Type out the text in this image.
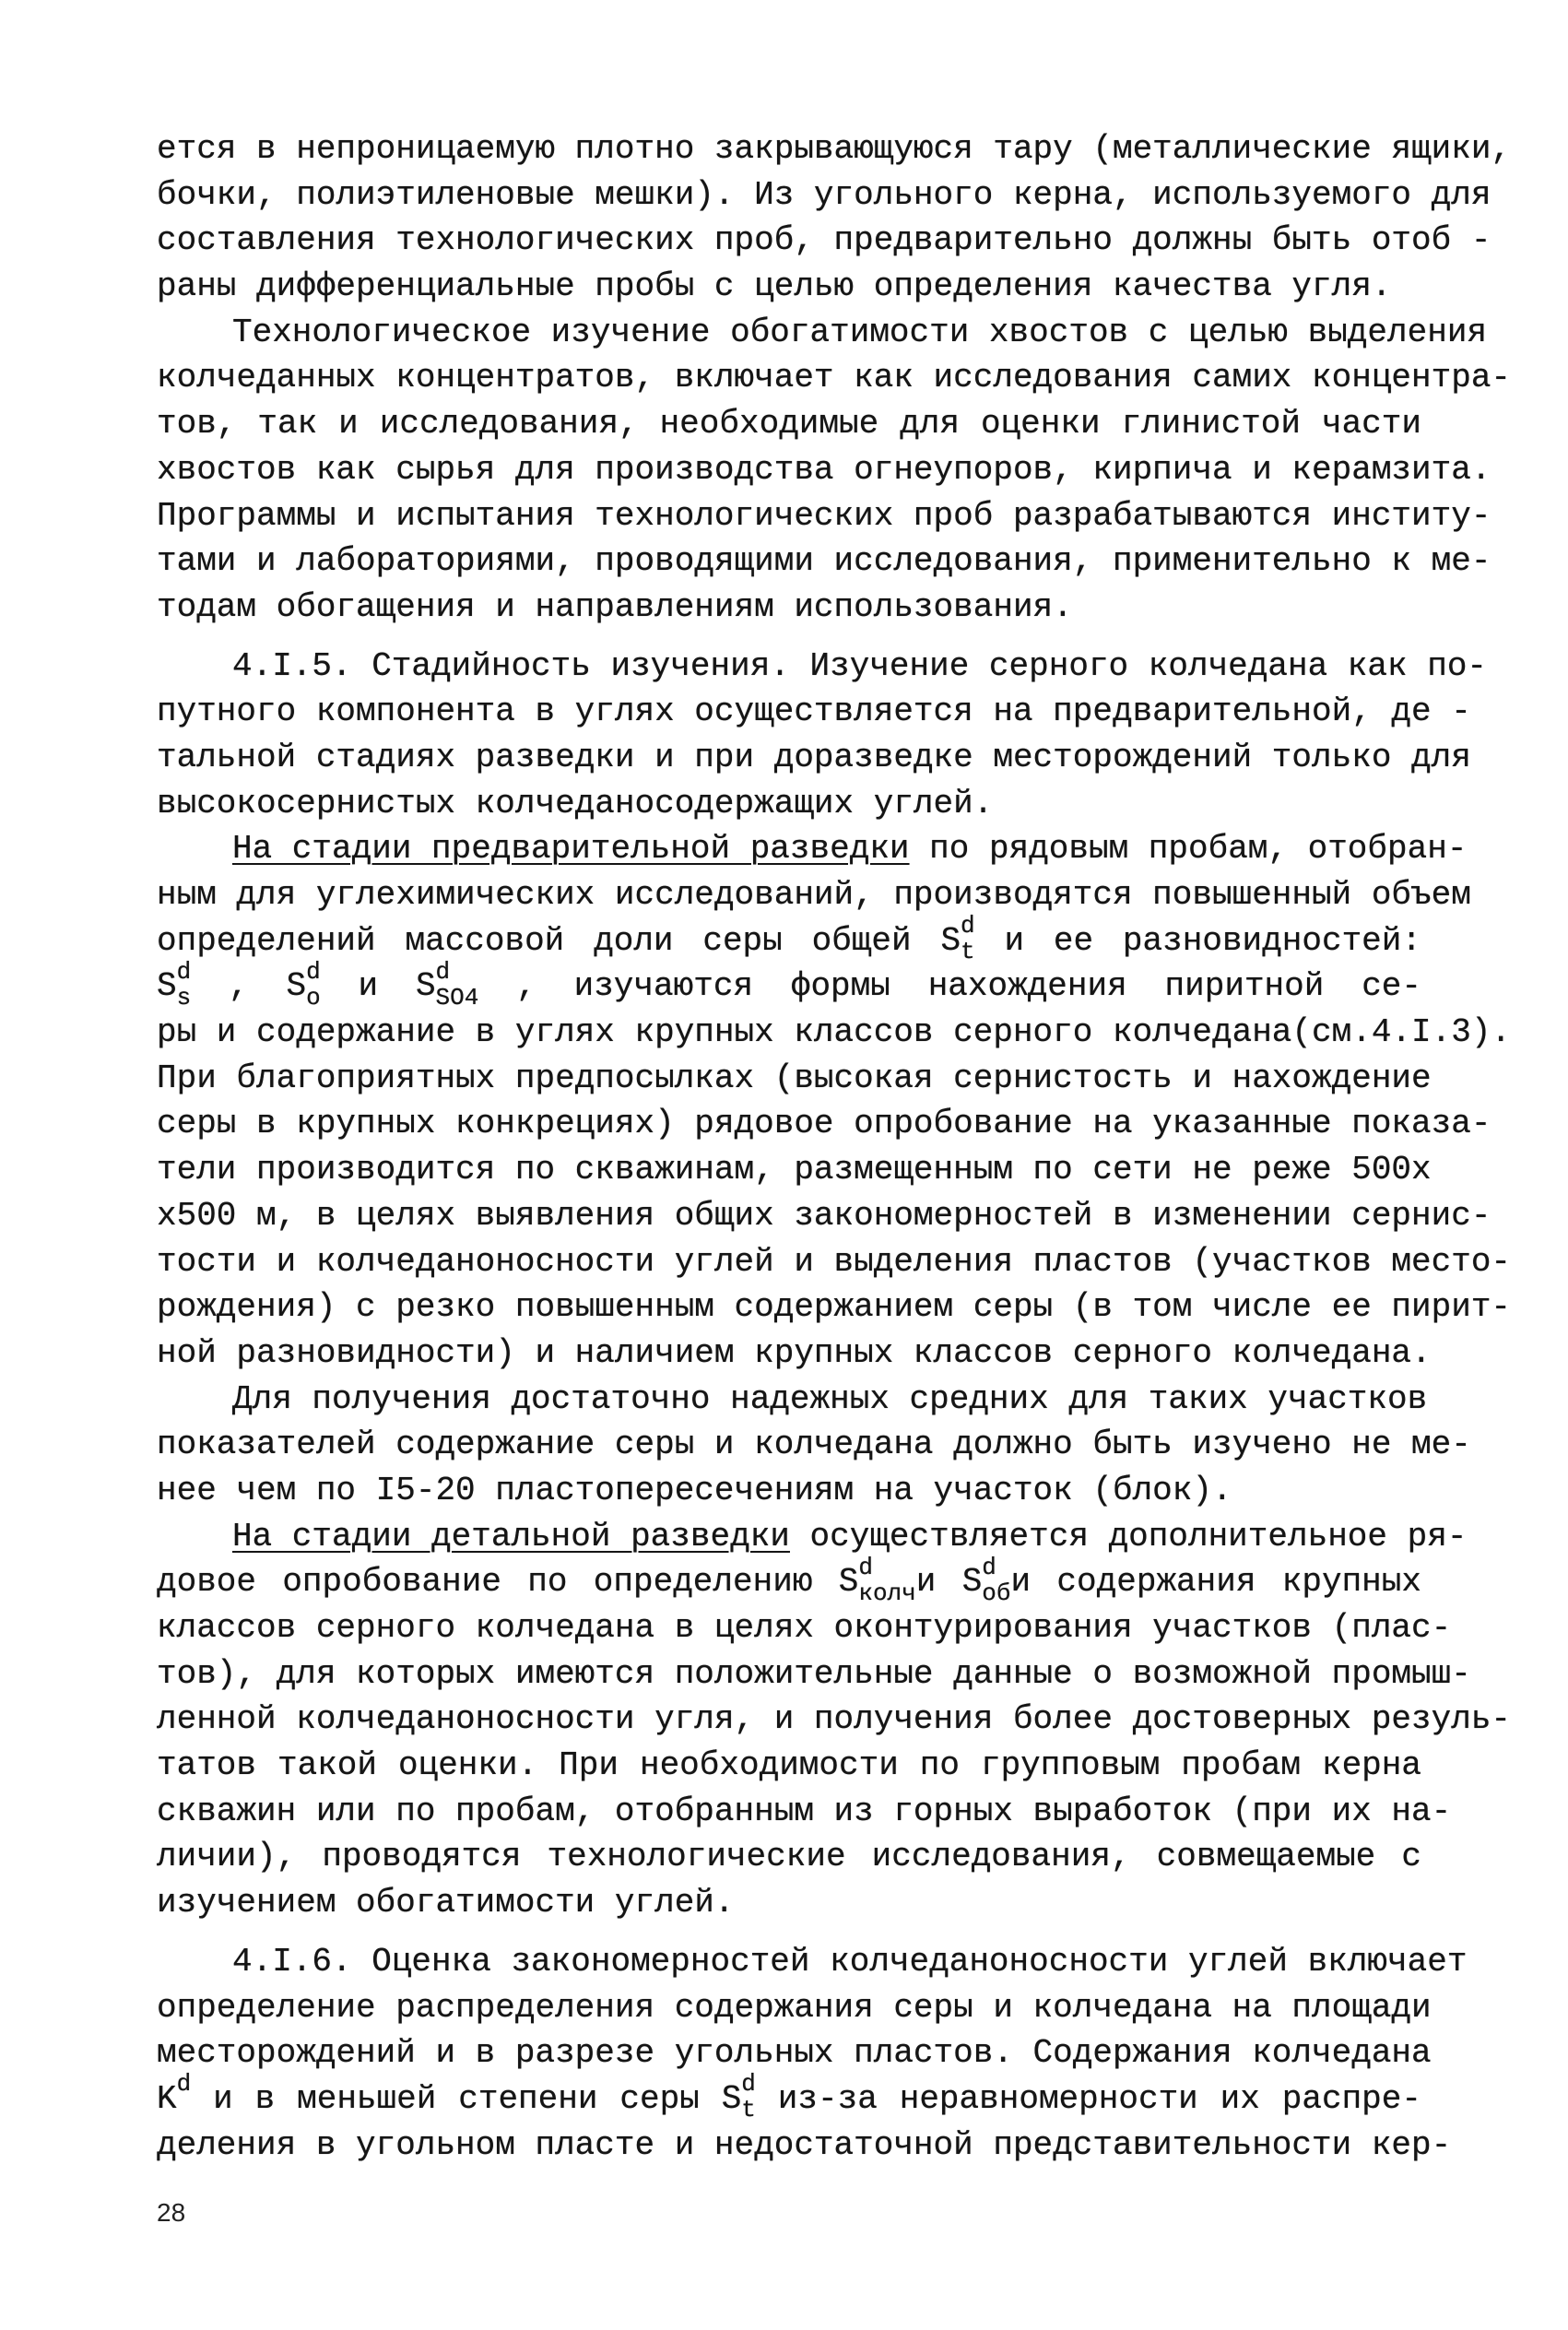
ется в непроницаемую плотно закрывающуюся тару (металлические ящики,
бочки, полиэтиленовые мешки). Из угольного керна, используемого для
составления технологических проб, предварительно должны быть отоб -
раны дифференциальные пробы с целью определения качества угля.
Технологическое изучение обогатимости хвостов с целью выделения
колчеданных концентратов, включает как исследования самих концентра-
тов, так и исследования, необходимые для оценки глинистой части
хвостов как сырья для производства огнеупоров, кирпича и керамзита.
Программы и испытания технологических проб разрабатываются институ-
тами и лабораториями, проводящими исследования, применительно к ме-
тодам обогащения и направлениям использования.
4.I.5. Стадийность изучения. Изучение серного колчедана как по-
путного компонента в углях осуществляется на предварительной, де -
тальной стадиях разведки и при доразведке месторождений только для
высокосернистых колчеданосодержащих углей.
На стадии предварительной разведки по рядовым пробам, отобран-
ным для углехимических исследований, производятся повышенный объем
определений массовой доли серы общей S d
t и ее разновидностей:
S d
s , S d
o и S d
SO4 , изучаются формы нахождения пиритной се-
ры и содержание в углях крупных классов серного колчедана(см.4.I.3).
При благоприятных предпосылках (высокая сернистость и нахождение
серы в крупных конкрециях) рядовое опробование на указанные показа-
тели производится по скважинам, размещенным по сети не реже 500х
х500 м, в целях выявления общих закономерностей в изменении сернис-
тости и колчеданоносности углей и выделения пластов (участков место-
рождения) с резко повышенным содержанием серы (в том числе ее пирит-
ной разновидности) и наличием крупных классов серного колчедана.
Для получения достаточно надежных средних для таких участков
показателей содержание серы и колчедана должно быть изучено не ме-
нее чем по I5-20 пластопересечениям на участок (блок).
На стадии детальной разведки осуществляется дополнительное ря-
довое опробование по определению S d
колч и S d
об и содержания крупных
классов серного колчедана в целях оконтурирования участков (плас-
тов), для которых имеются положительные данные о возможной промыш-
ленной колчеданоносности угля, и получения более достоверных резуль-
татов такой оценки. При необходимости по групповым пробам керна
скважин или по пробам, отобранным из горных выработок (при их на-
личии), проводятся технологические исследования, совмещаемые с
изучением обогатимости углей.
4.I.6. Оценка закономерностей колчеданоносности углей включает
определение распределения содержания серы и колчедана на площади
месторождений и в разрезе угольных пластов. Содержания колчедана
K d и в меньшей степени серы S d
t из-за неравномерности их распре-
деления в угольном пласте и недостаточной представительности кер-
28
